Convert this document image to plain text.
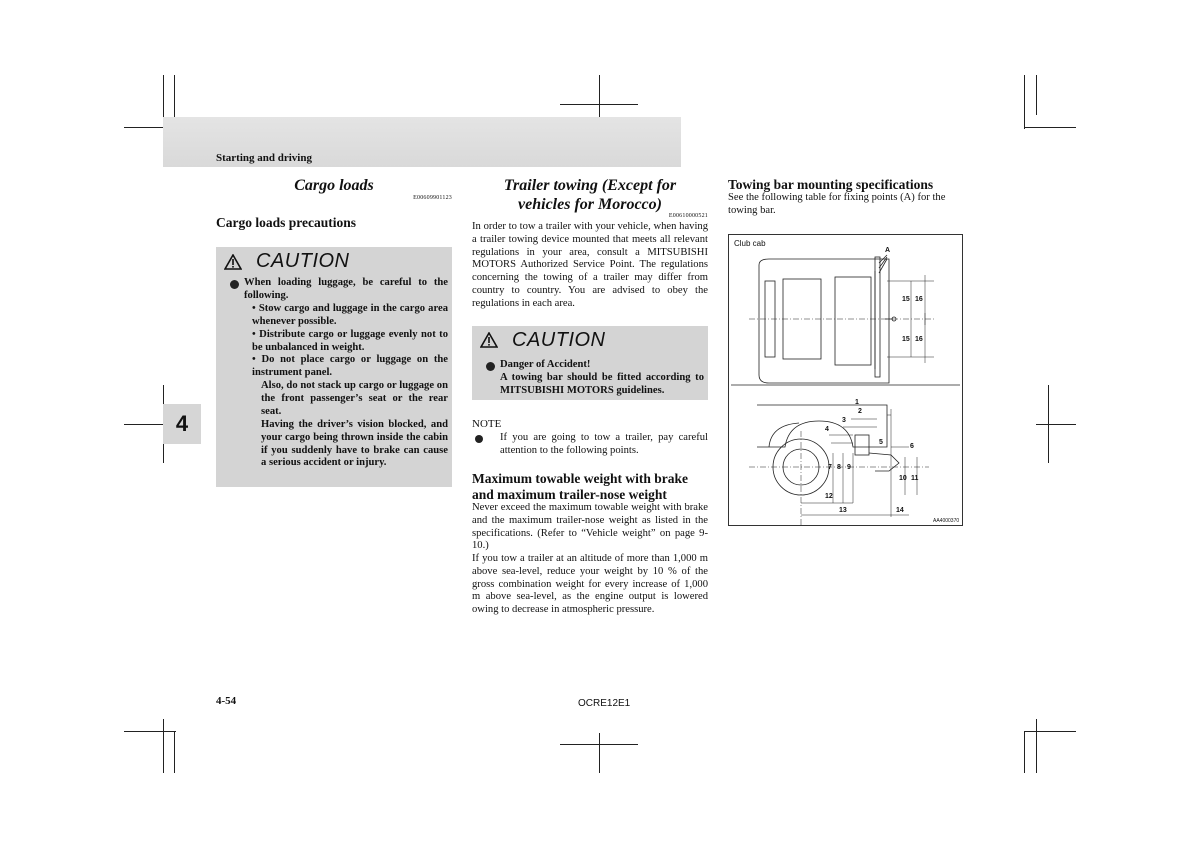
Starting and driving
4
Cargo loads
E00609901123
Cargo loads precautions
CAUTION
When loading luggage, be careful to the following.
• Stow cargo and luggage in the cargo area whenever possible.
• Distribute cargo or luggage evenly not to be unbalanced in weight.
• Do not place cargo or luggage on the instrument panel.
Also, do not stack up cargo or luggage on the front passenger’s seat or the rear seat.
Having the driver’s vision blocked, and your cargo being thrown inside the cabin if you suddenly have to brake can cause a serious accident or injury.
Trailer towing (Except for
vehicles for Morocco)
E00610000521
In order to tow a trailer with your vehicle, when having a trailer towing device mounted that meets all relevant regulations in your area, consult a MITSUBISHI MOTORS Authorized Service Point. The regulations concerning the towing of a trailer may differ from country to country. You are advised to obey the regulations in each area.
CAUTION
Danger of Accident!
A towing bar should be fitted according to MITSUBISHI MOTORS guidelines.
NOTE
If you are going to tow a trailer, pay careful attention to the following points.
Maximum towable weight with brake
and maximum trailer-nose weight
Never exceed the maximum towable weight with brake and the maximum trailer-nose weight as listed in the specifications. (Refer to “Vehicle weight” on page 9-10.)
If you tow a trailer at an altitude of more than 1,000 m above sea-level, reduce your weight by 10 % of the gross combination weight for every increase of 1,000 m above sea-level, as the engine output is lowered owing to decrease in atmospheric pressure.
Towing bar mounting specifications
See the following table for fixing points (A) for the towing bar.
Club cab
A
15 16
15 16
1
2
3
4
5
6
7 8 9
10 11
12
13	14
AA4000370
4-54	OCRE12E1
